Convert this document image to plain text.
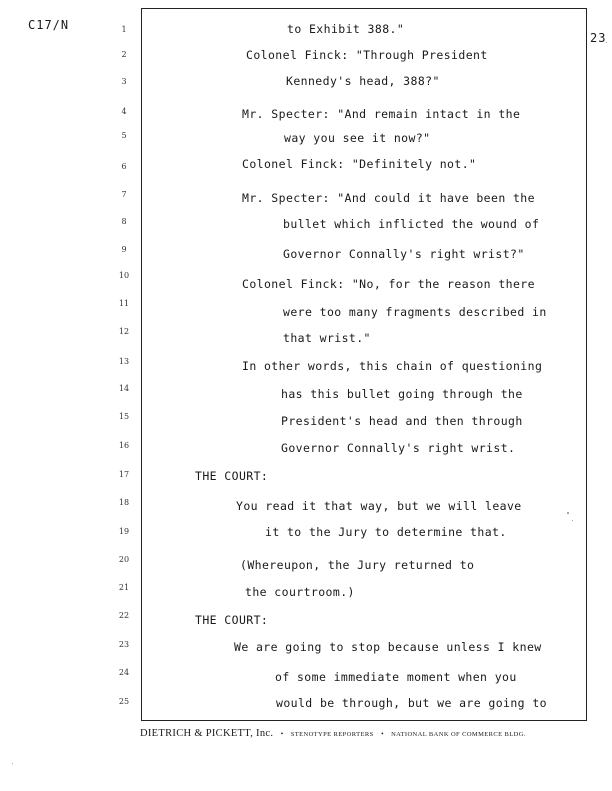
C17/N
23
1
2
3
4
5
6
7
8
9
10
11
12
13
14
15
16
17
18
19
20
21
22
23
24
25
to Exhibit 388."
Colonel Finck: "Through President
Kennedy's head, 388?"
Mr. Specter: "And remain intact in the
way you see it now?"
Colonel Finck: "Definitely not."
Mr. Specter: "And could it have been the
bullet which inflicted the wound of
Governor Connally's right wrist?"
Colonel Finck: "No, for the reason there
were too many fragments described in
that wrist."
In other words, this chain of questioning
has this bullet going through the
President's head and then through
Governor Connally's right wrist.
THE COURT:
You read it that way, but we will leave
it to the Jury to determine that.
(Whereupon, the Jury returned to
the courtroom.)
THE COURT:
We are going to stop because unless I knew
of some immediate moment when you
would be through, but we are going to
DIETRICH & PICKETT, Inc. • STENOTYPE REPORTERS • NATIONAL BANK OF COMMERCE BLDG.
